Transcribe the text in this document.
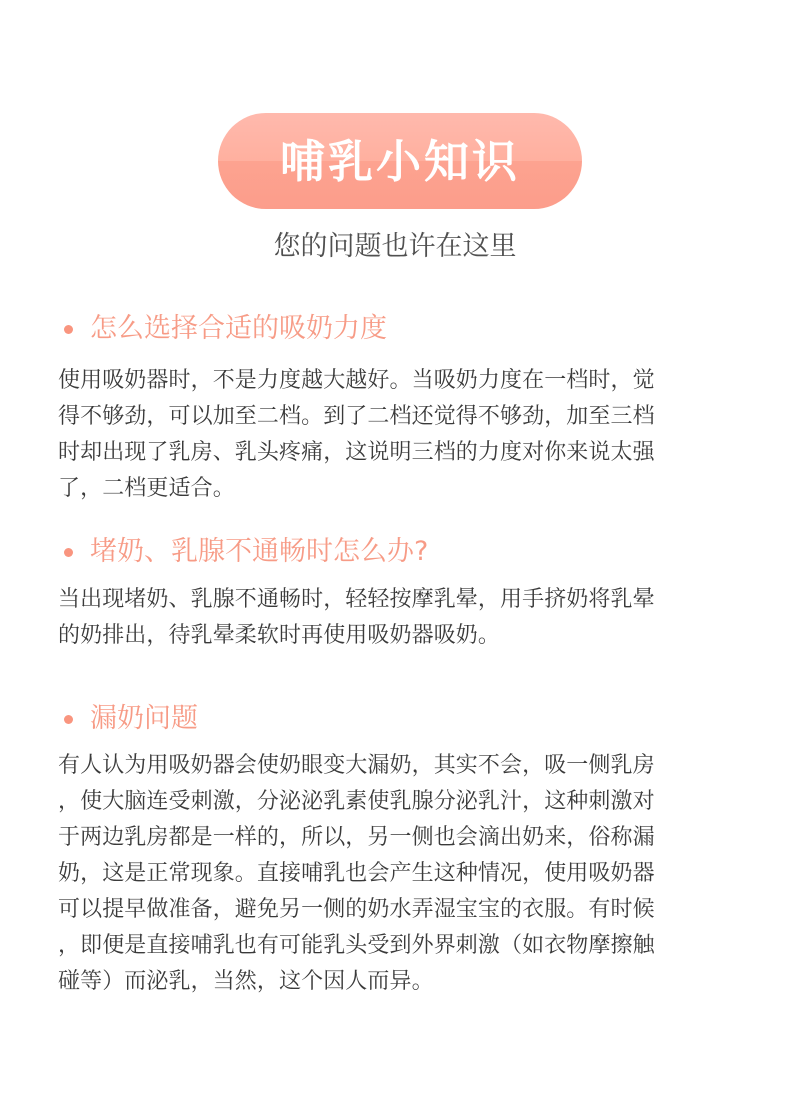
哺乳小知识
您的问题也许在这里
怎么选择合适的吸奶力度
使用吸奶器时，不是力度越大越好。当吸奶力度在一档时，觉
得不够劲，可以加至二档。到了二档还觉得不够劲，加至三档
时却出现了乳房、乳头疼痛，这说明三档的力度对你来说太强
了，二档更适合。
堵奶、乳腺不通畅时怎么办?
当出现堵奶、乳腺不通畅时，轻轻按摩乳晕，用手挤奶将乳晕
的奶排出，待乳晕柔软时再使用吸奶器吸奶。
漏奶问题
有人认为用吸奶器会使奶眼变大漏奶，其实不会，吸一侧乳房
，使大脑连受刺激，分泌泌乳素使乳腺分泌乳汁，这种刺激对
于两边乳房都是一样的，所以，另一侧也会滴出奶来，俗称漏
奶，这是正常现象。直接哺乳也会产生这种情况，使用吸奶器
可以提早做准备，避免另一侧的奶水弄湿宝宝的衣服。有时候
，即便是直接哺乳也有可能乳头受到外界刺激（如衣物摩擦触
碰等）而泌乳，当然，这个因人而异。
